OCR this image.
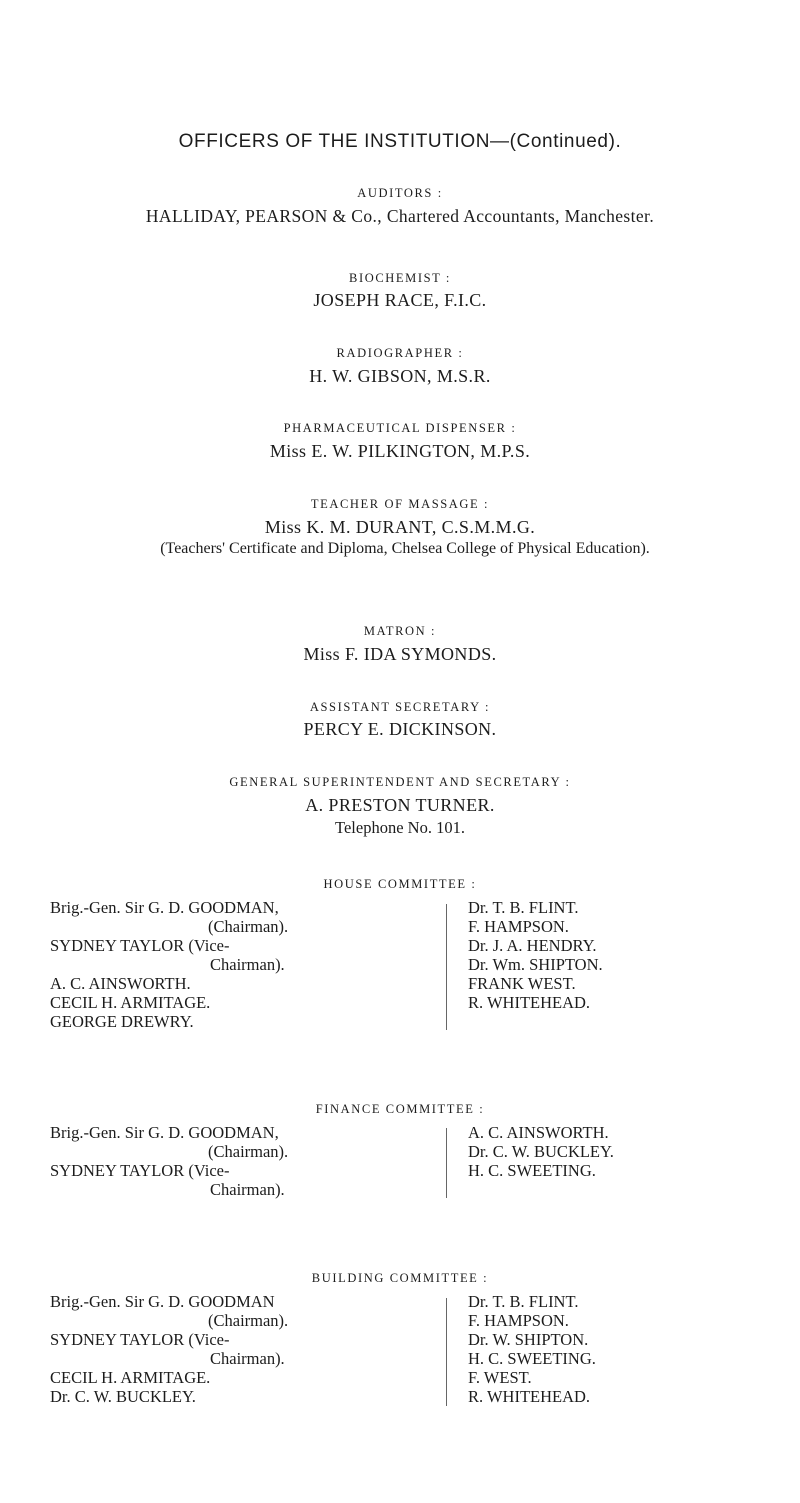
OFFICERS OF THE INSTITUTION—(Continued).
AUDITORS :
HALLIDAY, PEARSON & Co., Chartered Accountants, Manchester.
BIOCHEMIST :
JOSEPH RACE, F.I.C.
RADIOGRAPHER :
H. W. GIBSON, M.S.R.
PHARMACEUTICAL DISPENSER :
Miss E. W. PILKINGTON, M.P.S.
TEACHER OF MASSAGE :
Miss K. M. DURANT, C.S.M.M.G.
(Teachers' Certificate and Diploma, Chelsea College of Physical Education).
MATRON :
Miss F. IDA SYMONDS.
ASSISTANT SECRETARY :
PERCY E. DICKINSON.
GENERAL SUPERINTENDENT AND SECRETARY :
A. PRESTON TURNER.
Telephone No. 101.
HOUSE COMMITTEE :
Brig.-Gen. Sir G. D. GOODMAN,
(Chairman).
SYDNEY TAYLOR (Vice-
Chairman).
A. C. AINSWORTH.
CECIL H. ARMITAGE.
GEORGE DREWRY.
Dr. T. B. FLINT.
F. HAMPSON.
Dr. J. A. HENDRY.
Dr. Wm. SHIPTON.
FRANK WEST.
R. WHITEHEAD.
FINANCE COMMITTEE :
Brig.-Gen. Sir G. D. GOODMAN,
(Chairman).
SYDNEY TAYLOR (Vice-
Chairman).
A. C. AINSWORTH.
Dr. C. W. BUCKLEY.
H. C. SWEETING.
BUILDING COMMITTEE :
Brig.-Gen. Sir G. D. GOODMAN
(Chairman).
SYDNEY TAYLOR (Vice-
Chairman).
CECIL H. ARMITAGE.
Dr. C. W. BUCKLEY.
Dr. T. B. FLINT.
F. HAMPSON.
Dr. W. SHIPTON.
H. C. SWEETING.
F. WEST.
R. WHITEHEAD.
